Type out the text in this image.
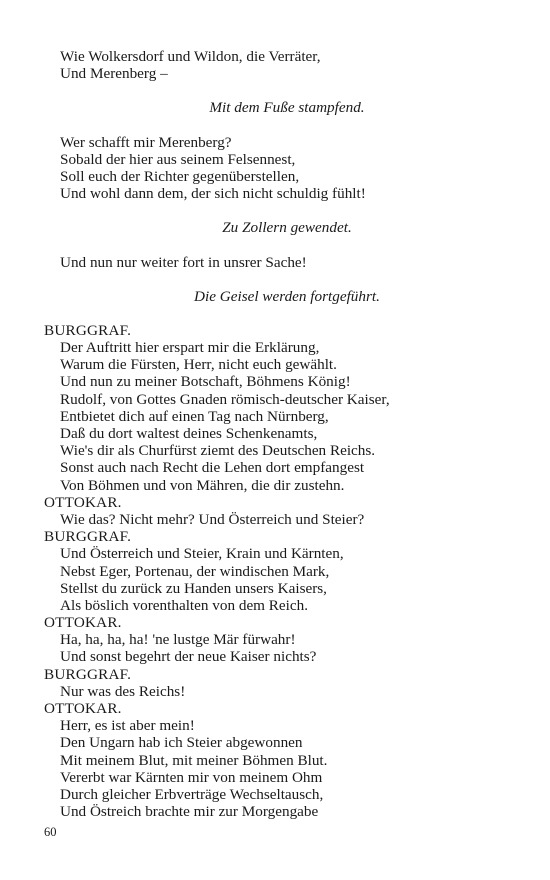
Wie Wolkersdorf und Wildon, die Verräter,
Und Merenberg –
Mit dem Fuße stampfend.
Wer schafft mir Merenberg?
Sobald der hier aus seinem Felsennest,
Soll euch der Richter gegenüberstellen,
Und wohl dann dem, der sich nicht schuldig fühlt!
Zu Zollern gewendet.
Und nun nur weiter fort in unsrer Sache!
Die Geisel werden fortgeführt.
BURGGRAF.
Der Auftritt hier erspart mir die Erklärung,
Warum die Fürsten, Herr, nicht euch gewählt.
Und nun zu meiner Botschaft, Böhmens König!
Rudolf, von Gottes Gnaden römisch-deutscher Kaiser,
Entbietet dich auf einen Tag nach Nürnberg,
Daß du dort waltest deines Schenkenamts,
Wie's dir als Churfürst ziemt des Deutschen Reichs.
Sonst auch nach Recht die Lehen dort empfangest
Von Böhmen und von Mähren, die dir zustehn.
OTTOKAR.
Wie das? Nicht mehr? Und Österreich und Steier?
BURGGRAF.
Und Österreich und Steier, Krain und Kärnten,
Nebst Eger, Portenau, der windischen Mark,
Stellst du zurück zu Handen unsers Kaisers,
Als böslich vorenthalten von dem Reich.
OTTOKAR.
Ha, ha, ha, ha! 'ne lustge Mär fürwahr!
Und sonst begehrt der neue Kaiser nichts?
BURGGRAF.
Nur was des Reichs!
OTTOKAR.
Herr, es ist aber mein!
Den Ungarn hab ich Steier abgewonnen
Mit meinem Blut, mit meiner Böhmen Blut.
Vererbt war Kärnten mir von meinem Ohm
Durch gleicher Erbverträge Wechseltausch,
Und Östreich brachte mir zur Morgengabe
60
